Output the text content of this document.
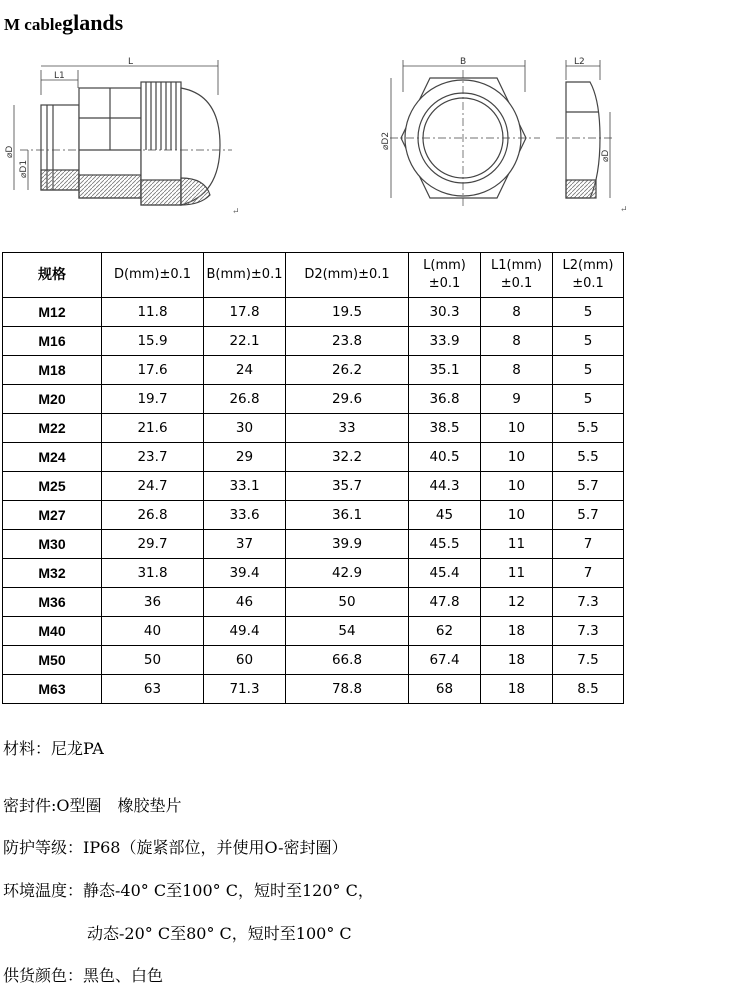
M cableglands
L
L1
⌀D
⌀D1
↵
B
⌀D2
L2
⌀D
↵
规格	D(mm)±0.1	B(mm)±0.1	D2(mm)±0.1	L(mm)±0.1	L1(mm)±0.1	L2(mm)±0.1
M12	11.8	17.8	19.5	30.3	8	5
M16	15.9	22.1	23.8	33.9	8	5
M18	17.6	24	26.2	35.1	8	5
M20	19.7	26.8	29.6	36.8	9	5
M22	21.6	30	33	38.5	10	5.5
M24	23.7	29	32.2	40.5	10	5.5
M25	24.7	33.1	35.7	44.3	10	5.7
M27	26.8	33.6	36.1	45	10	5.7
M30	29.7	37	39.9	45.5	11	7
M32	31.8	39.4	42.9	45.4	11	7
M36	36	46	50	47.8	12	7.3
M40	40	49.4	54	62	18	7.3
M50	50	60	66.8	67.4	18	7.5
M63	63	71.3	78.8	68	18	8.5

材料：尼龙PA

密封件:O型圈　橡胶垫片

防护等级：IP68（旋紧部位，并使用O-密封圈）

环境温度：静态-40° C至100° C，短时至120° C，

动态-20° C至80° C，短时至100° C

供货颜色：黑色、白色
